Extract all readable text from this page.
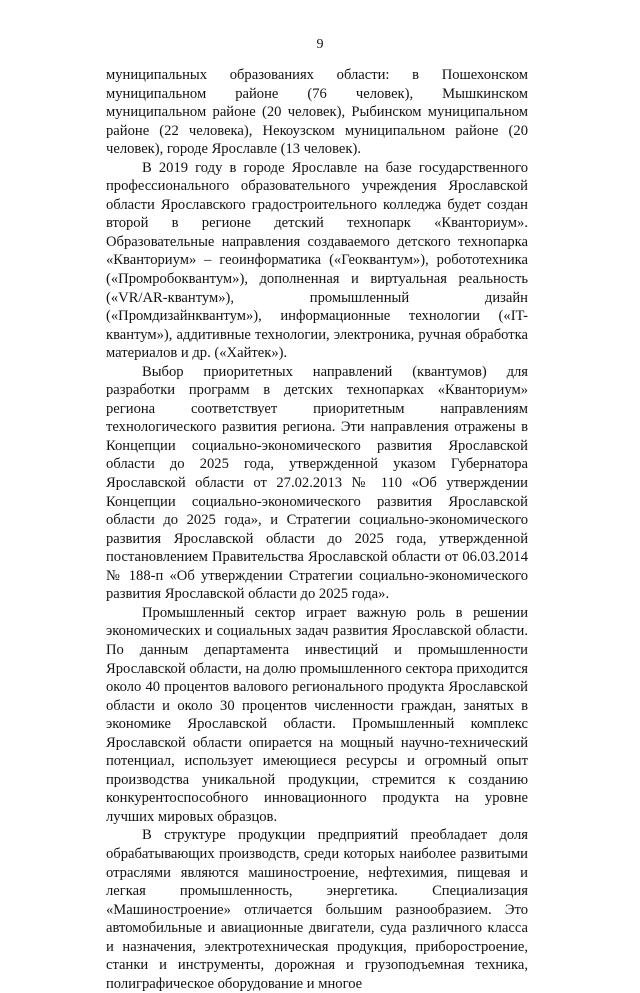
9

муниципальных образованиях области: в Пошехонском муниципальном районе (76 человек), Мышкинском муниципальном районе (20 человек), Рыбинском муниципальном районе (22 человека), Некоузском муниципальном районе (20 человек), городе Ярославле (13 человек).

В 2019 году в городе Ярославле на базе государственного профессионального образовательного учреждения Ярославской области Ярославского градостроительного колледжа будет создан второй в регионе детский технопарк «Кванториум». Образовательные направления создаваемого детского технопарка «Кванториум» – геоинформатика («Геоквантум»), робототехника («Промробоквантум»), дополненная и виртуальная реальность («VR/AR-квантум»), промышленный дизайн («Промдизайнквантум»), информационные технологии («IT-квантум»), аддитивные технологии, электроника, ручная обработка материалов и др. («Хайтек»).

Выбор приоритетных направлений (квантумов) для разработки программ в детских технопарках «Кванториум» региона соответствует приоритетным направлениям технологического развития региона. Эти направления отражены в Концепции социально-экономического развития Ярославской области до 2025 года, утвержденной указом Губернатора Ярославской области от 27.02.2013 № 110 «Об утверждении Концепции социально-экономического развития Ярославской области до 2025 года», и Стратегии социально-экономического развития Ярославской области до 2025 года, утвержденной постановлением Правительства Ярославской области от 06.03.2014 № 188-п «Об утверждении Стратегии социально-экономического развития Ярославской области до 2025 года».

Промышленный сектор играет важную роль в решении экономических и социальных задач развития Ярославской области. По данным департамента инвестиций и промышленности Ярославской области, на долю промышленного сектора приходится около 40 процентов валового регионального продукта Ярославской области и около 30 процентов численности граждан, занятых в экономике Ярославской области. Промышленный комплекс Ярославской области опирается на мощный научно-технический потенциал, использует имеющиеся ресурсы и огромный опыт производства уникальной продукции, стремится к созданию конкурентоспособного инновационного продукта на уровне лучших мировых образцов.

В структуре продукции предприятий преобладает доля обрабатывающих производств, среди которых наиболее развитыми отраслями являются машиностроение, нефтехимия, пищевая и легкая промышленность, энергетика. Специализация «Машиностроение» отличается большим разнообразием. Это автомобильные и авиационные двигатели, суда различного класса и назначения, электротехническая продукция, приборостроение, станки и инструменты, дорожная и грузоподъемная техника, полиграфическое оборудование и многое
